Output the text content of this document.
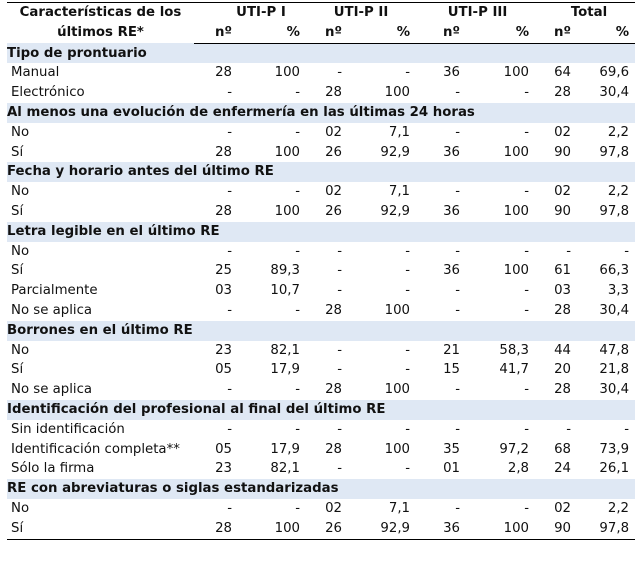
Características de los últimos RE*	UTI-P I		UTI-P II		UTI-P III		Total	
	nº	%	nº	%	nº	%	nº	%
Tipo de prontuario								
Manual	28	100	-	-	36	100	64	69,6
Electrónico	-	-	28	100	-	-	28	30,4
Al menos una evolución de enfermería en las últimas 24 horas								
No	-	-	02	7,1	-	-	02	2,2
Sí	28	100	26	92,9	36	100	90	97,8
Fecha y horario antes del último RE								
No	-	-	02	7,1	-	-	02	2,2
Sí	28	100	26	92,9	36	100	90	97,8
Letra legible en el último RE								
No	-	-	-	-	-	-	-	-
Sí	25	89,3	-	-	36	100	61	66,3
Parcialmente	03	10,7	-	-	-	-	03	3,3
No se aplica	-	-	28	100	-	-	28	30,4
Borrones en el último RE								
No	23	82,1	-	-	21	58,3	44	47,8
Sí	05	17,9	-	-	15	41,7	20	21,8
No se aplica	-	-	28	100	-	-	28	30,4
Identificación del profesional al final del último RE								
Sin identificación	-	-	-	-	-	-	-	-
Identificación completa**	05	17,9	28	100	35	97,2	68	73,9
Sólo la firma	23	82,1	-	-	01	2,8	24	26,1
RE con abreviaturas o siglas estandarizadas								
No	-	-	02	7,1	-	-	02	2,2
Sí	28	100	26	92,9	36	100	90	97,8
